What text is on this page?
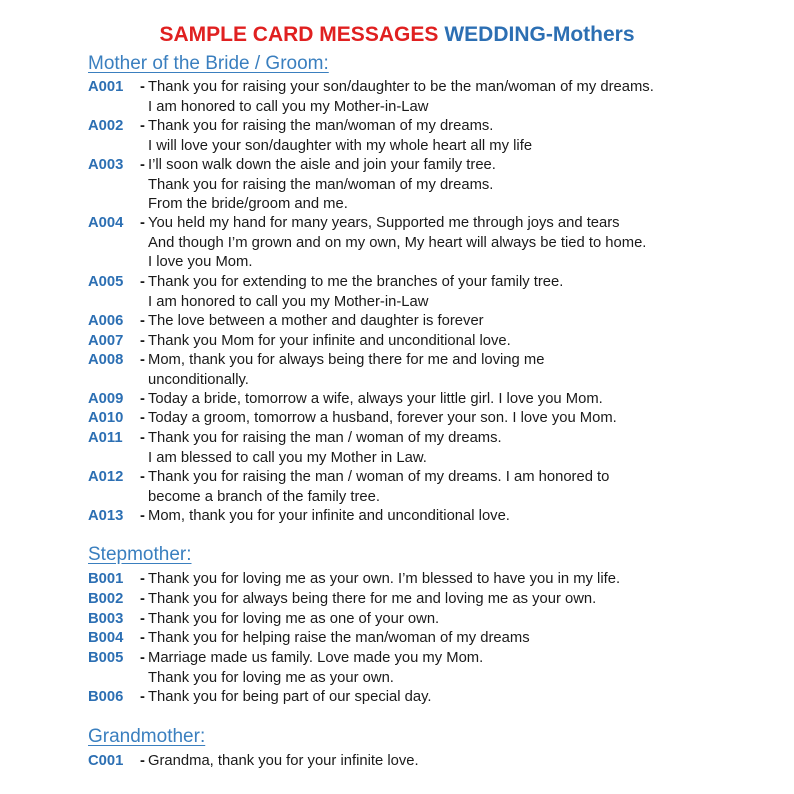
SAMPLE CARD MESSAGES WEDDING-Mothers
Mother of the Bride / Groom:
A001 - Thank you for raising your son/daughter to be the man/woman of my dreams.
I am honored to call you my Mother-in-Law
A002 - Thank you for raising the man/woman of my dreams.
I will love your son/daughter with my whole heart all my life
A003 - I’ll soon walk down the aisle and join your family tree.
Thank you for raising the man/woman of my dreams.
From the bride/groom and me.
A004 - You held my hand for many years, Supported me through joys and tears
And though I’m grown and on my own, My heart will always be tied to home.
I love you Mom.
A005 - Thank you for extending to me the branches of your family tree.
I am honored to call you my Mother-in-Law
A006 - The love between a mother and daughter is forever
A007 - Thank you Mom for your infinite and unconditional love.
A008 - Mom, thank you for always being there for me and loving me
unconditionally.
A009 - Today a bride, tomorrow a wife, always your little girl. I love you Mom.
A010 - Today a groom, tomorrow a husband, forever your son. I love you Mom.
A011 - Thank you for raising the man / woman of my dreams.
I am blessed to call you my Mother in Law.
A012 - Thank you for raising the man / woman of my dreams. I am honored to
become a branch of the family tree.
A013 - Mom, thank you for your infinite and unconditional love.
Stepmother:
B001 - Thank you for loving me as your own. I’m blessed to have you in my life.
B002 - Thank you for always being there for me and loving me as your own.
B003 - Thank you for loving me as one of your own.
B004 - Thank you for helping raise the man/woman of my dreams
B005 - Marriage made us family. Love made you my Mom.
Thank you for loving me as your own.
B006 - Thank you for being part of our special day.
Grandmother:
C001 - Grandma, thank you for your infinite love.
